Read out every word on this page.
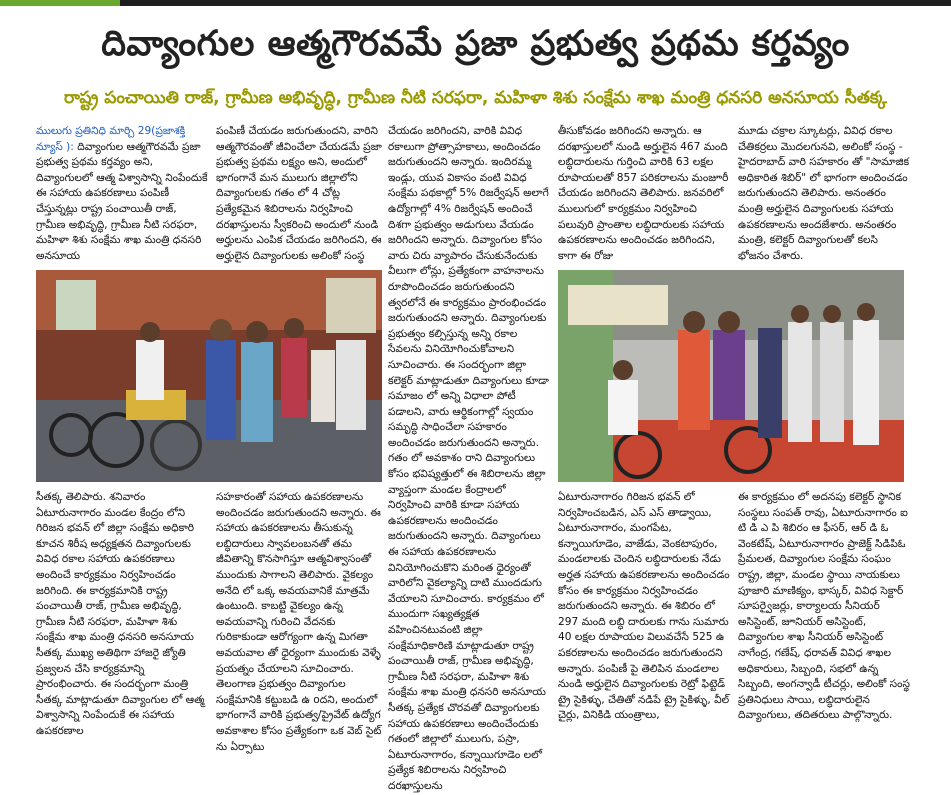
దివ్యాంగుల ఆత్మగౌరవమే ప్రజా ప్రభుత్వ ప్రథమ కర్తవ్యం
రాష్ట్ర పంచాయితి రాజ్, గ్రామీణ అభివృద్ధి, గ్రామీణ నీటి సరఫరా, మహిళా శిశు సంక్షేమ శాఖ మంత్రి ధనసరి అనసూయ సీతక్క

ములుగు ప్రతినిధి మార్చి 29(ప్రజాశక్తి న్యూస్ ): దివ్యాంగుల ఆత్మగౌరవమే ప్రజా ప్రభుత్వ ప్రథమ కర్తవ్యం అని, దివ్యాంగులలో ఆత్మ విశ్వాసాన్ని నింపేందుకే ఈ సహాయ ఉపకరణాలు పంపిణీ చేస్తున్నట్లు రాష్ట్ర పంచాయితీ రాజ్, గ్రామీణ అభివృద్ధి, గ్రామీణ నీటి సరఫరా, మహిళా శిశు సంక్షేమ శాఖ మంత్రి ధనసరి అనసూయ

పంపిణీ చేయడం జరుగుతుందని, వారిని ఆత్మగౌరవంతో జీవించేలా చేయడమే ప్రజా ప్రభుత్వ ప్రథమ లక్ష్యం అని, అందులో భాగంగానే మన ములుగు జిల్లాలోని దివ్యాంగులకు గతం లో 4 చోట్ల ప్రత్యేకమైన శిబిరాలను నిర్వహించి దరఖాస్తులను స్వీకరించి అందులో నుండి అర్హులను ఎంపిక చేయడం జరిగిందని, ఈ అర్హులైన దివ్యాంగులకు అలింకో సంస్థ

చేయడం జరిగిందని, వారికి వివిధ రకాలుగా ప్రోత్సాహకాలు, అందించడం జరుగుతుందని అన్నారు. ఇందిరమ్మ ఇండ్లు, యువ వికాసం వంటి వివిధ సంక్షేమ పథకాల్లో 5% రిజర్వేషన్ అలాగే ఉద్యోగాల్లో 4% రిజర్వేషన్ అందించే దిశగా ప్రభుత్వం అడుగులు వేయడం జరిగిందని అన్నారు. దివ్యాంగుల కోసం వారు చిరు వ్యాపారం చేసుకునేందుకు వీలుగా లోన్లు, ప్రత్యేకంగా వాహనాలను రూపొందించడం జరుగుతుందని త్వరలోనే ఈ కార్యక్రమం ప్రారంభించడం జరుగుతుందని అన్నారు. దివ్యాంగులకు ప్రభుత్వం కల్పిస్తున్న అన్ని రకాల సేవలను వినియోగించుకోవాలని సూచించారు. ఈ సందర్భంగా జిల్లా కలెక్టర్ మాట్లాడుతూ దివ్యాంగులు కూడా సమాజం లో అన్ని విధాలా పోటీ పడాలని, వారు ఆర్థికంగాల్లో స్వయం సమృద్ధి సాధించేలా సహకారం అందించడం జరుగుతుందని అన్నారు. గతం లో అవకాశం రాని దివ్యాంగులు కోసం భవిష్యత్తులో ఈ శిబిరాలను జిల్లా వ్యాప్తంగా మండల కేంద్రాలలో నిర్వహించి వారికి కూడా సహాయ ఉపకరణాలను అందించడం జరుగుతుందని అన్నారు. దివ్యాంగులు ఈ సహాయ ఉపకరణాలను వినియోగించుకొని మరింత ధైర్యంతో వారిలోని వైకల్యాన్ని దాటి ముందడుగు వేయాలని సూచించారు. కార్యక్రమం లో ముందుగా సఖ్యత్యక్షత వహించినటువంటి జిల్లా సంక్షేమాధికారిణి మాట్లాడుతూ రాష్ట్ర పంచాయితీ రాజ్, గ్రామీణ అభివృద్ధి, గ్రామీణ నీటి సరఫరా, మహిళా శిశు సంక్షేమ శాఖ మంత్రి ధనసరి అనసూయ సీతక్క ప్రత్యేక చొరవతో దివ్యాంగులకు సహాయ ఉపకరణాలు అందించేందుకు గతంలో జిల్లాలో ములుగు, పస్రా, ఏటూరునాగారం, కన్నాయిగూడెం లలో ప్రత్యేక శిబిరాలను నిర్వహించి దరఖాస్తులను

తీసుకోవడం జరిగిందని అన్నారు. ఆ దరఖాస్తులలో నుండి అర్హులైన 467 మంది లబ్ధిదారులను గుర్తించి వారికి 63 లక్షల రూపాయలతో 857 పరికరాలను మంజూరీ చేయడం జరిగిందని తెలిపారు. జనవరిలో ములుగులో కార్యక్రమం నిర్వహించి పలువురి ప్రాంతాల లబ్ధిదారులకు సహాయ ఉపకరణాలను అందించడం జరిగిందని, కాగా ఈ రోజు

మూడు చక్రాల స్కూటర్లు, వివిధ రకాల చేతికర్రలు మొదలగునవి, అలింకో సంస్థ - హైదరాబాద్ వారి సహకారం తో "సామాజిక అధికారిత శిబిర్" లో భాగంగా అందించడం జరుగుతుందని తెలిపారు. అనంతరం మంత్రి అర్హులైన దివ్యాంగులకు సహాయ ఉపకరణాలను అందజేశారు. అనంతరం మంత్రి, కలెక్టర్ దివ్యాంగులతో కలసి భోజనం చేశారు.

సీతక్క తెలిపారు. శనివారం ఏటూరునాగారం మండల కేంద్రం లోని గిరిజన భవన్ లో జిల్లా సంక్షేమ అధికారి కూచన శిరీష అధ్యక్షతన దివ్యాంగులకు వివిధ రకాల సహాయ ఉపకరణాలు అందించే కార్యక్రమం నిర్వహించడం జరిగింది. ఈ కార్యక్రమానికి రాష్ట్ర పంచాయితీ రాజ్, గ్రామీణ అభివృద్ధి, గ్రామీణ నీటి సరఫరా, మహిళా శిశు సంక్షేమ శాఖ మంత్రి ధనసరి అనసూయ సీతక్క ముఖ్య అతిథిగా హాజరై జ్యోతి ప్రజ్వలన చేసి కార్యక్రమాన్ని ప్రారంభించారు. ఈ సందర్భంగా మంత్రి సీతక్క మాట్లాడుతూ దివ్యాంగుల లో ఆత్మ విశ్వాసాన్ని నింపేందుకే ఈ సహాయ ఉపకరణాల

సహకారంతో సహాయ ఉపకరణాలను అందించడం జరుగుతుందని అన్నారు. ఈ సహాయ ఉపకరణాలను తీసుకున్న లబ్ధిదారులు స్వావలంబనతో తమ జీవితాన్ని కొనసాగిస్తూ ఆత్మవిశ్వాసంతో ముందుకు సాగాలని తెలిపారు. వైకల్యం అనేది లో ఒక్క అవయవానికే మాత్రమే ఉంటుంది. కాబట్టి వైకల్యం ఉన్న అవయవాన్ని గురించి వేదనకు గురికాకుండా ఆరోగ్యంగా ఉన్న మిగతా అవయవాల తో ధైర్యంగా ముందుకు వెళ్ళే ప్రయత్నం చేయాలని సూచించారు. తెలంగాణ ప్రభుత్వం దివ్యాంగుల సంక్షేమానికి కట్టుబడి ఉ oదని, అందులో భాగంగానే వారికి ప్రభుత్వ/ప్రైవేట్ ఉద్యోగ అవకాశాల కోసం ప్రత్యేకంగా ఒక వెబ్ సైట్ ను ఏర్పాటు

ఏటూరునాగారం గిరిజన భవన్ లో నిర్వహించబడిన, ఎస్ ఎస్ తాడ్వాయి, ఏటూరునాగారం, మంగపేట, కన్నాయిగూడెం, వాజేడు, వెంకటాపురం, మండలాలకు చెందిన లబ్ధిదారులకు నేడు అర్హత సహాయ ఉపకరణాలను అందించడం కోసం ఈ కార్యక్రమం నిర్వహించడం జరుగుతుందని అన్నారు. ఈ శిబిరం లో 297 మంది లబ్ధి దారులకు గాను సుమారు 40 లక్షల రూపాయల విలువచేసే 525 ఉ పకరణాలను అందించడం జరుగుతుందని అన్నారు. పంపిణీ పై తెలిపిన మండలాల నుండి అర్హులైన దివ్యాంగులకు రెట్రో ఫిట్టెడ్ ట్రై సైకిళ్ళు, చేతితో నడిపే ట్రై సైకిళ్ళు, వీల్ చైర్లు, వినికిడి యంత్రాలు,

ఈ కార్యక్రమం లో అదనపు కలెక్టర్ స్థానిక సంస్థలు సంపత్ రావు, ఏటూరునాగారం ఐ టి డి ఎ పి శిబిరం ఆ ఫీసర్, ఆర్ డి ఓ వెంకటేష్, ఏటూరునాగారం ప్రాజెక్ట్ సిడిపిఓ ప్రేమలత, దివ్యాంగుల సంక్షేమ సంఘం రాష్ట్ర, జిల్లా, మండల స్థాయి నాయకులు పూజారి మాణిక్యం, భాస్కర్, వివిధ సెక్టార్ సూపర్వైజర్లు, కార్యాలయ సీనియర్ అసిస్టెంట్, జూనియర్ అసిస్టెంట్, దివ్యాంగుల శాఖ సీనియర్ అసిస్టెంట్ నాగేంద్ర, గణేష్, ధరావత్ వివిధ శాఖల అధికారులు, సిబ్బంది, సభలో ఉన్న సిబ్బంది, అంగన్వాడీ టీచర్లు, అలింకో సంస్థ ప్రతినిధులు సాయి, లబ్ధిదారులైన దివ్యాంగులు, తదితరులు పాల్గొన్నారు.
